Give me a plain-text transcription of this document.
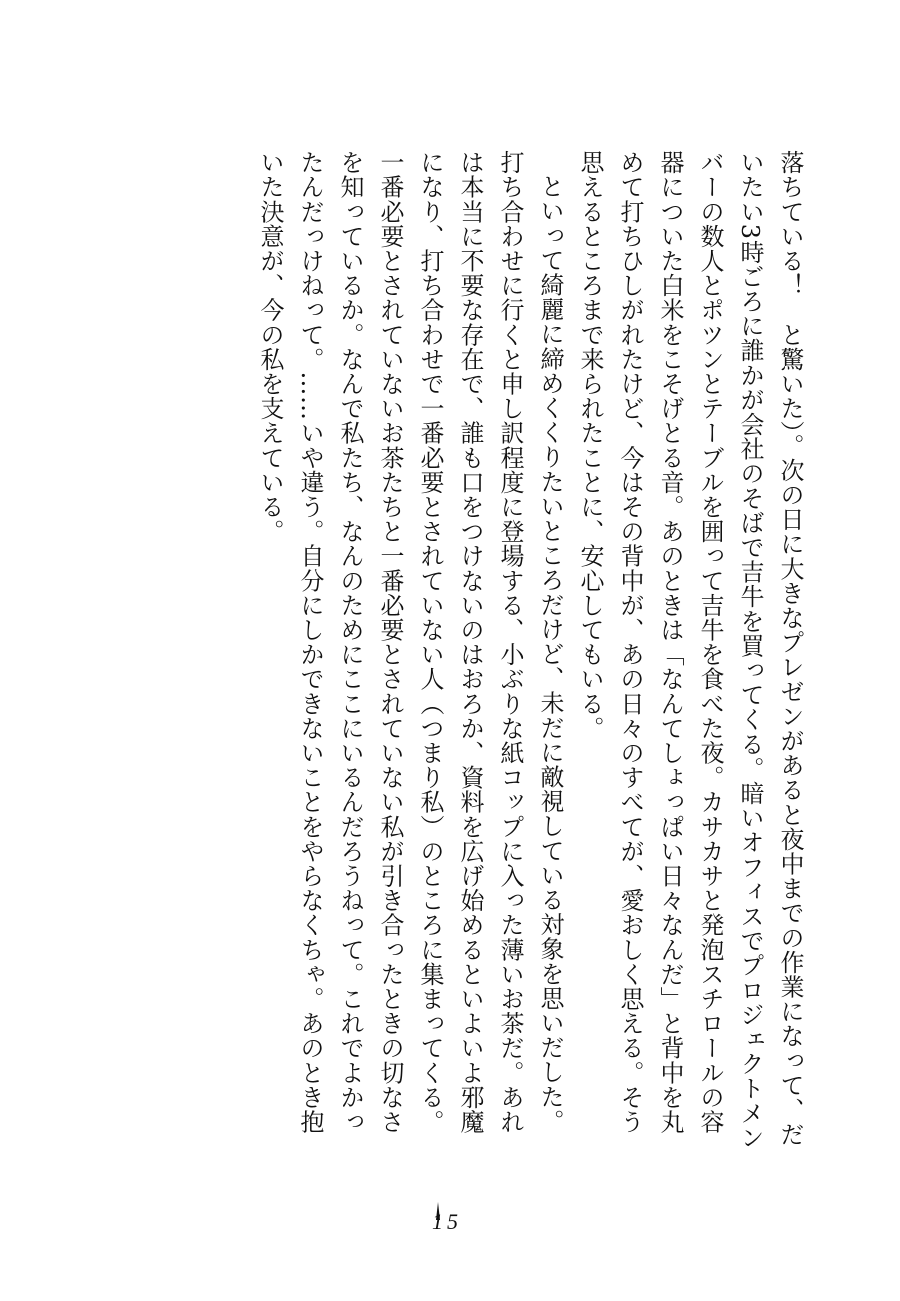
落ちている！　と驚いた）。次の日に大きなプレゼンがあると夜中までの作業になって、だいたい3時ごろに誰かが会社のそばで吉牛を買ってくる。暗いオフィスでプロジェクトメンバーの数人とポツンとテーブルを囲って吉牛を食べた夜。カサカサと発泡スチロールの容器についた白米をこそげとる音。あのときは「なんてしょっぱい日々なんだ」と背中を丸めて打ちひしがれたけど、今はその背中が、あの日々のすべてが、愛おしく思える。そう思えるところまで来られたことに、安心してもいる。

といって綺麗に締めくくりたいところだけど、未だに敵視している対象を思いだした。打ち合わせに行くと申し訳程度に登場する、小ぶりな紙コップに入った薄いお茶だ。あれは本当に不要な存在で、誰も口をつけないのはおろか、資料を広げ始めるといよいよ邪魔になり、打ち合わせで一番必要とされていない人（つまり私）のところに集まってくる。一番必要とされていないお茶たちと一番必要とされていない私が引き合ったときの切なさを知っているか。なんで私たち、なんのためにここにいるんだろうねって。これでよかったんだっけねって。……いや違う。自分にしかできないことをやらなくちゃ。あのとき抱いた決意が、今の私を支えている。

15
